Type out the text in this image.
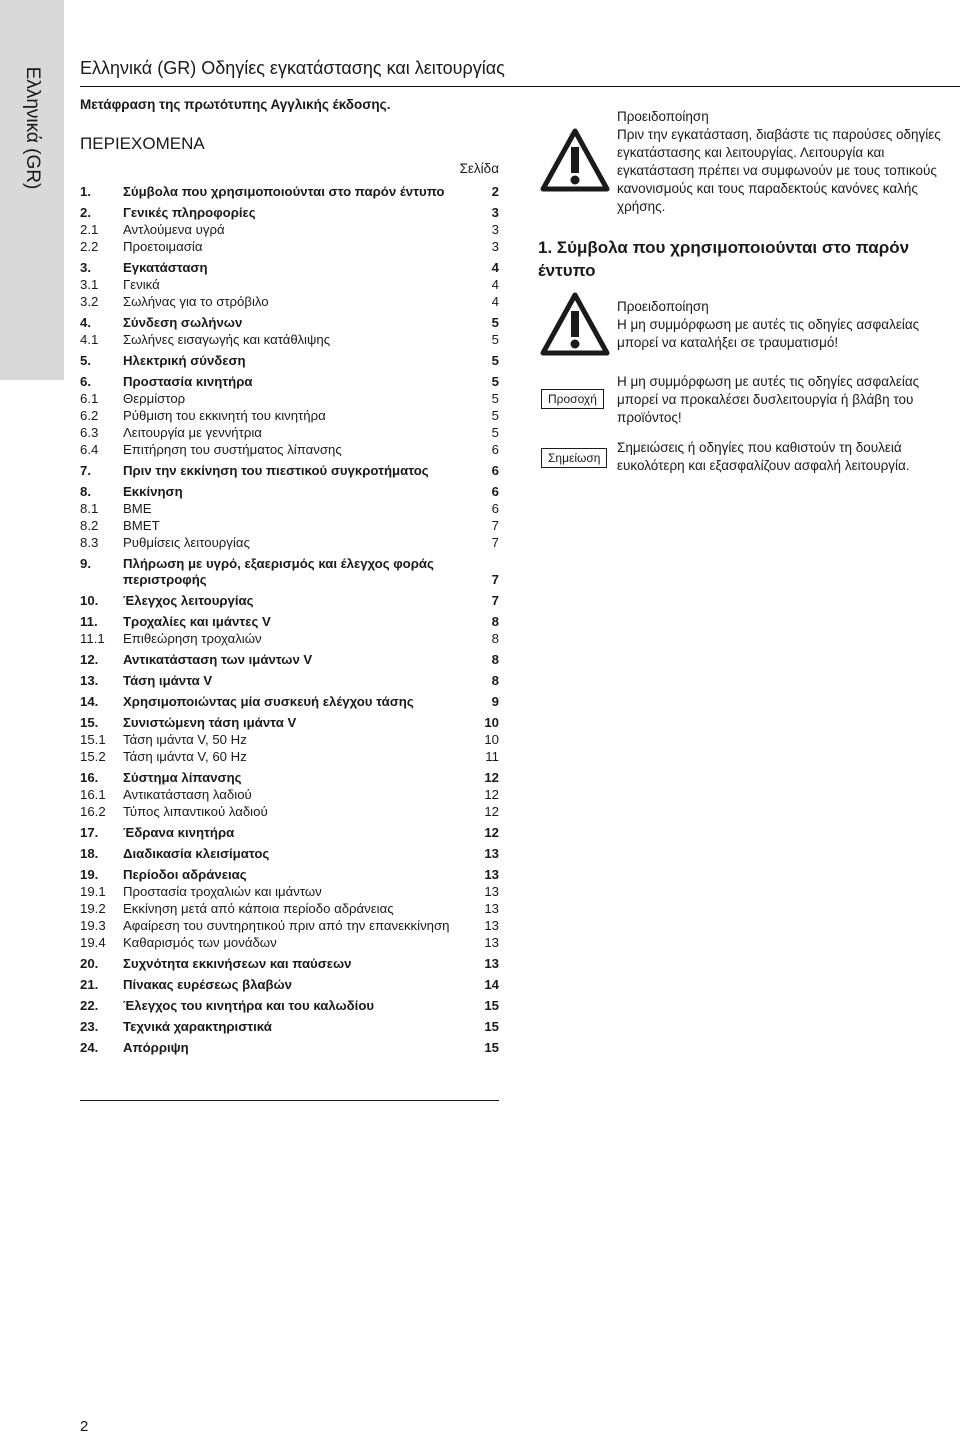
Ελληνικά (GR) Ελληνικά (GR) Οδηγίες εγκατάστασης και λειτουργίας
Μετάφραση της πρωτότυπης Αγγλικής έκδοσης.
ΠΕΡΙΕΧΟΜΕΝΑ
Σελίδα
1.	Σύμβολα που χρησιμοποιούνται στο παρόν έντυπο	2
2.	Γενικές πληροφορίες	3
2.1	Αντλούμενα υγρά	3
2.2	Προετοιμασία	3
3.	Εγκατάσταση	4
3.1	Γενικά	4
3.2	Σωλήνας για το στρόβιλο	4
4.	Σύνδεση σωλήνων	5
4.1	Σωλήνες εισαγωγής και κατάθλιψης	5
5.	Ηλεκτρική σύνδεση	5
6.	Προστασία κινητήρα	5
6.1	Θερμίστορ	5
6.2	Ρύθμιση του εκκινητή του κινητήρα	5
6.3	Λειτουργία με γεννήτρια	5
6.4	Επιτήρηση του συστήματος λίπανσης	6
7.	Πριν την εκκίνηση του πιεστικού συγκροτήματος	6
8.	Εκκίνηση	6
8.1	BME	6
8.2	BMET	7
8.3	Ρυθμίσεις λειτουργίας	7
9.	Πλήρωση με υγρό, εξαερισμός και έλεγχος φοράς περιστροφής	7
10.	Έλεγχος λειτουργίας	7
11.	Τροχαλίες και ιμάντες V	8
11.1	Επιθεώρηση τροχαλιών	8
12.	Αντικατάσταση των ιμάντων V	8
13.	Τάση ιμάντα V	8
14.	Χρησιμοποιώντας μία συσκευή ελέγχου τάσης	9
15.	Συνιστώμενη τάση ιμάντα V	10
15.1	Τάση ιμάντα V, 50 Hz	10
15.2	Τάση ιμάντα V, 60 Hz	11
16.	Σύστημα λίπανσης	12
16.1	Αντικατάσταση λαδιού	12
16.2	Τύπος λιπαντικού λαδιού	12
17.	Έδρανα κινητήρα	12
18.	Διαδικασία κλεισίματος	13
19.	Περίοδοι αδράνειας	13
19.1	Προστασία τροχαλιών και ιμάντων	13
19.2	Εκκίνηση μετά από κάποια περίοδο αδράνειας	13
19.3	Αφαίρεση του συντηρητικού πριν από την επανεκκίνηση	13
19.4	Καθαρισμός των μονάδων	13
20.	Συχνότητα εκκινήσεων και παύσεων	13
21.	Πίνακας ευρέσεως βλαβών	14
22.	Έλεγχος του κινητήρα και του καλωδίου	15
23.	Τεχνικά χαρακτηριστικά	15
24.	Απόρριψη	15
Προειδοποίηση
Πριν την εγκατάσταση, διαβάστε τις παρούσες οδηγίες εγκατάστασης και λειτουργίας. Λειτουργία και εγκατάσταση πρέπει να συμφωνούν με τους τοπικούς κανονισμούς και τους παραδεκτούς κανόνες καλής χρήσης.
1. Σύμβολα που χρησιμοποιούνται στο παρόν έντυπο
Προειδοποίηση
Η μη συμμόρφωση με αυτές τις οδηγίες ασφαλείας μπορεί να καταλήξει σε τραυματισμό!
Προσοχή
Η μη συμμόρφωση με αυτές τις οδηγίες ασφαλείας μπορεί να προκαλέσει δυσλειτουργία ή βλάβη του προϊόντος!
Σημείωση
Σημειώσεις ή οδηγίες που καθιστούν τη δουλειά ευκολότερη και εξασφαλίζουν ασφαλή λειτουργία.
2
